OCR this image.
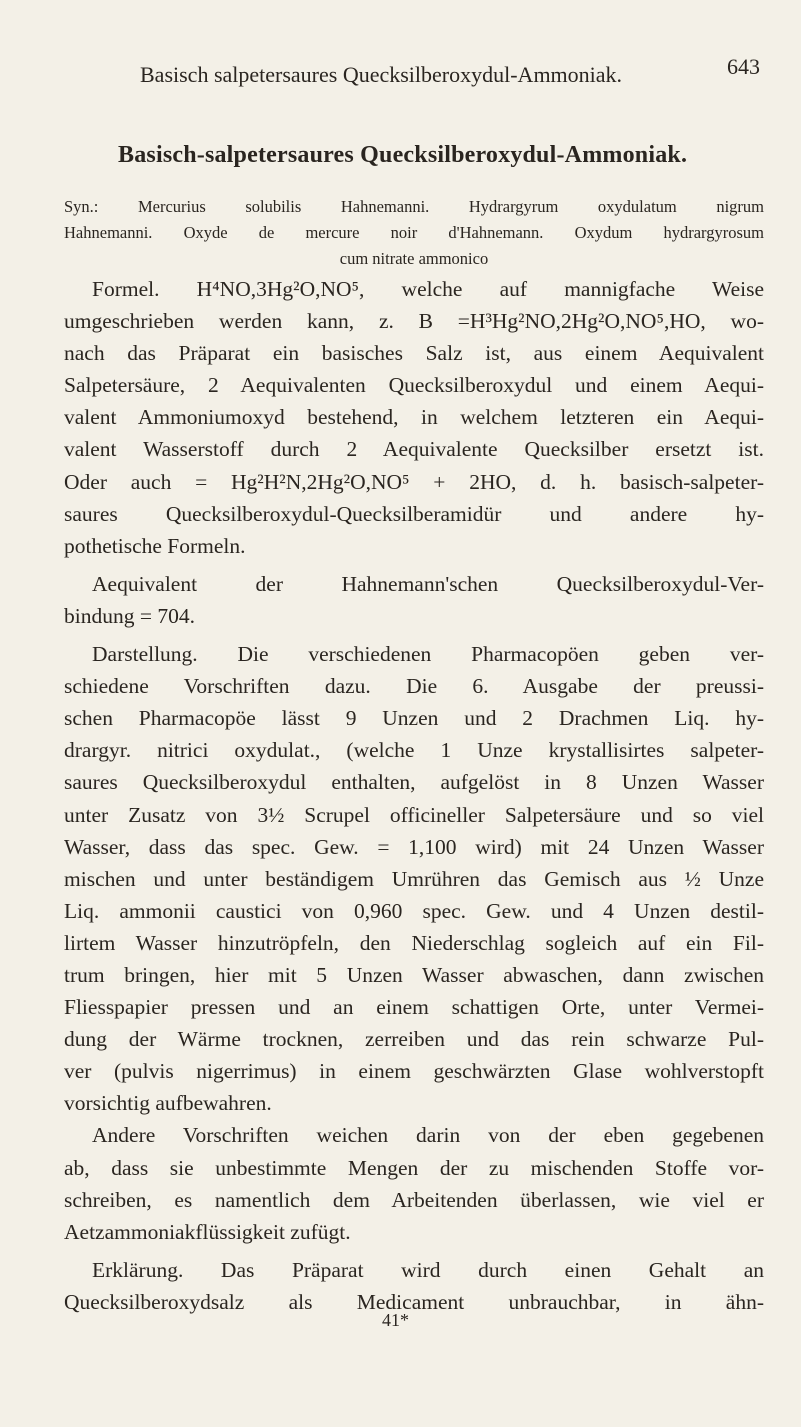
Basisch salpetersaures Quecksilberoxydul-Ammoniak.	643
Basisch-salpetersaures Quecksilberoxydul-Ammoniak.
Syn.: Mercurius solubilis Hahnemanni. Hydrargyrum oxydulatum nigrum
Hahnemanni. Oxyde de mercure noir d'Hahnemann. Oxydum hydrargyrosum
cum nitrate ammonico

Formel. H⁴NO,3Hg²O,NO⁵, welche auf mannigfache Weise
umgeschrieben werden kann, z. B =H³Hg²NO,2Hg²O,NO⁵,HO, wo-
nach das Präparat ein basisches Salz ist, aus einem Aequivalent
Salpetersäure, 2 Aequivalenten Quecksilberoxydul und einem Aequi-
valent Ammoniumoxyd bestehend, in welchem letzteren ein Aequi-
valent Wasserstoff durch 2 Aequivalente Quecksilber ersetzt ist.
Oder auch = Hg²H²N,2Hg²O,NO⁵ + 2HO, d. h. basisch-salpeter-
saures Quecksilberoxydul-Quecksilberamidür und andere hy-
pothetische Formeln.

Aequivalent der Hahnemann'schen Quecksilberoxydul-Ver-
bindung = 704.

Darstellung. Die verschiedenen Pharmacopöen geben ver-
schiedene Vorschriften dazu. Die 6. Ausgabe der preussi-
schen Pharmacopöe lässt 9 Unzen und 2 Drachmen Liq. hy-
drargyr. nitrici oxydulat., (welche 1 Unze krystallisirtes salpeter-
saures Quecksilberoxydul enthalten, aufgelöst in 8 Unzen Wasser
unter Zusatz von 3½ Scrupel officineller Salpetersäure und so viel
Wasser, dass das spec. Gew. = 1,100 wird) mit 24 Unzen Wasser
mischen und unter beständigem Umrühren das Gemisch aus ½ Unze
Liq. ammonii caustici von 0,960 spec. Gew. und 4 Unzen destil-
lirtem Wasser hinzutröpfeln, den Niederschlag sogleich auf ein Fil-
trum bringen, hier mit 5 Unzen Wasser abwaschen, dann zwischen
Fliesspapier pressen und an einem schattigen Orte, unter Vermei-
dung der Wärme trocknen, zerreiben und das rein schwarze Pul-
ver (pulvis nigerrimus) in einem geschwärzten Glase wohlverstopft
vorsichtig aufbewahren.

Andere Vorschriften weichen darin von der eben gegebenen
ab, dass sie unbestimmte Mengen der zu mischenden Stoffe vor-
schreiben, es namentlich dem Arbeitenden überlassen, wie viel er
Aetzammoniakflüssigkeit zufügt.

Erklärung. Das Präparat wird durch einen Gehalt an
Quecksilberoxydsalz als Medicament unbrauchbar, in ähn-

41*
